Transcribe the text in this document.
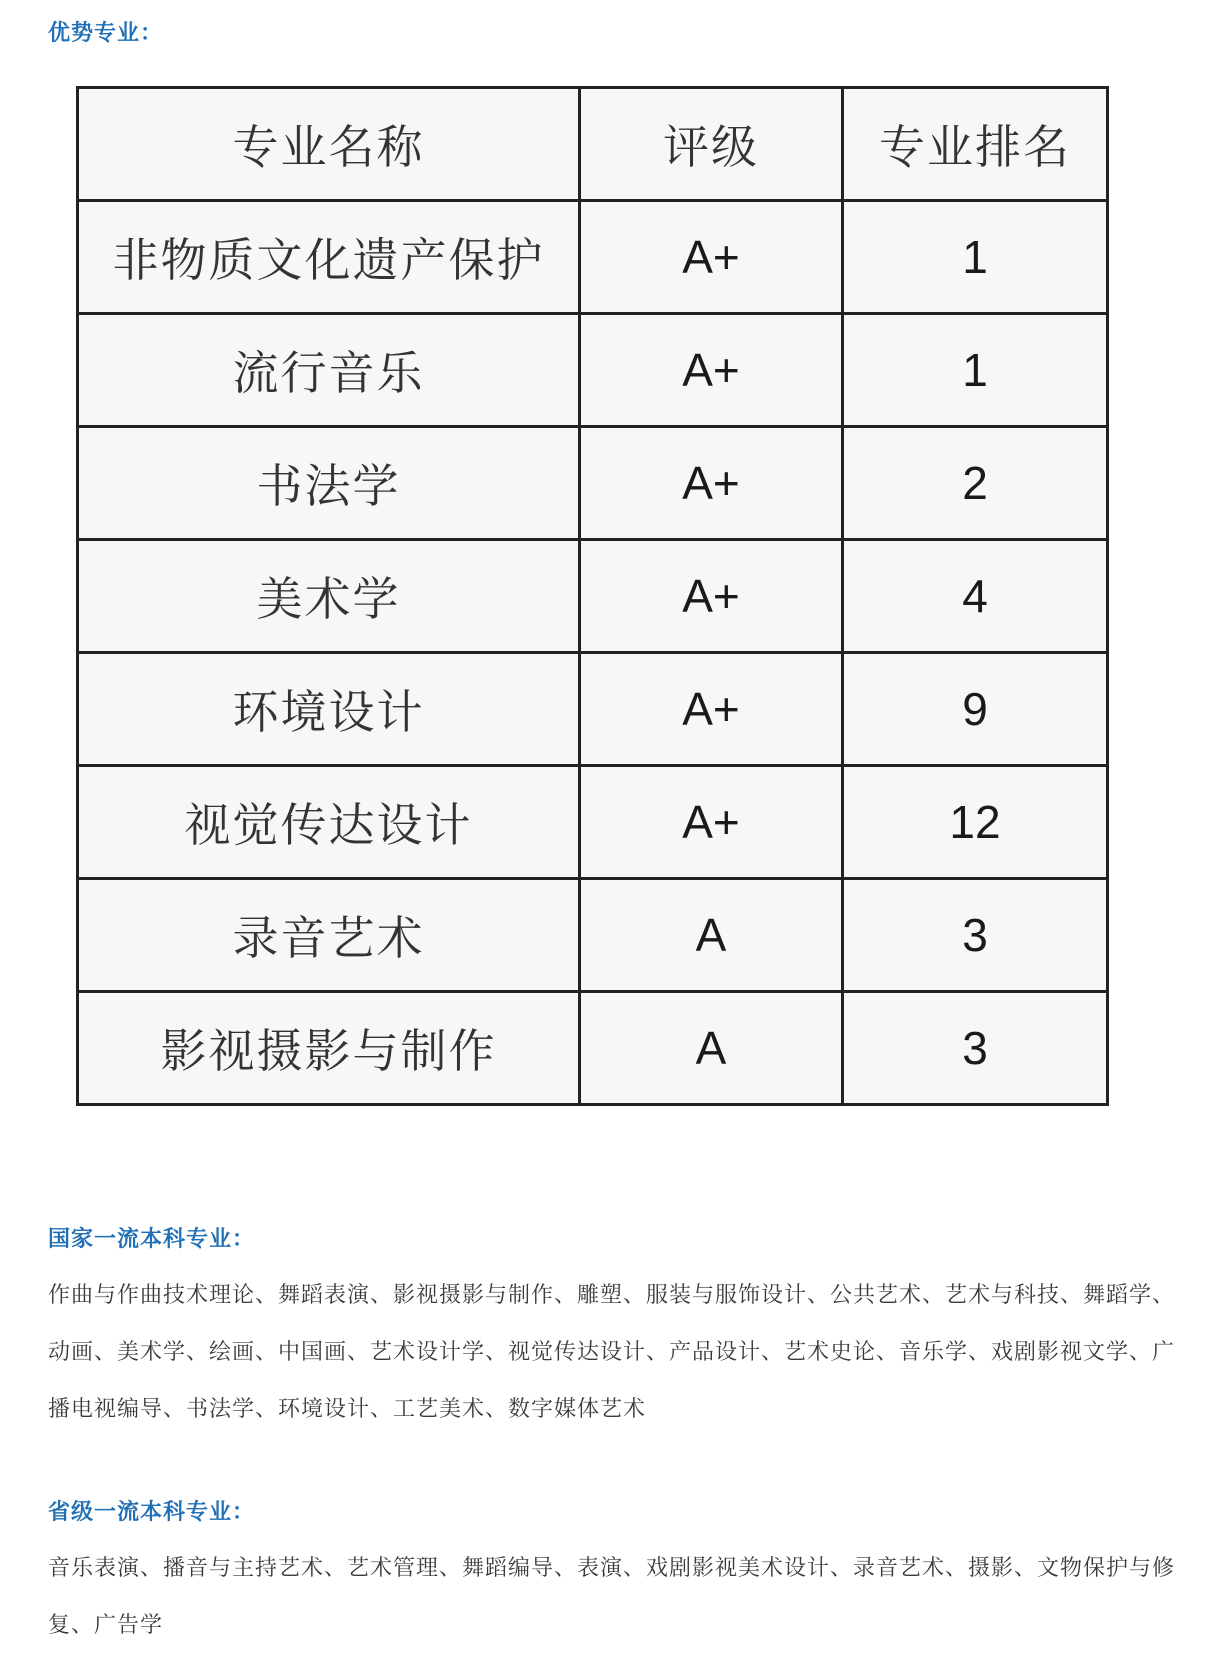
优势专业：
专业名称	评级	专业排名
非物质文化遗产保护	A+	1
流行音乐	A+	1
书法学	A+	2
美术学	A+	4
环境设计	A+	9
视觉传达设计	A+	12
录音艺术	A	3
影视摄影与制作	A	3
国家一流本科专业：

作曲与作曲技术理论、舞蹈表演、影视摄影与制作、雕塑、服装与服饰设计、公共艺术、艺术与科技、舞蹈学、动画、美术学、绘画、中国画、艺术设计学、视觉传达设计、产品设计、艺术史论、音乐学、戏剧影视文学、广播电视编导、书法学、环境设计、工艺美术、数字媒体艺术

省级一流本科专业：

音乐表演、播音与主持艺术、艺术管理、舞蹈编导、表演、戏剧影视美术设计、录音艺术、摄影、文物保护与修复、广告学
